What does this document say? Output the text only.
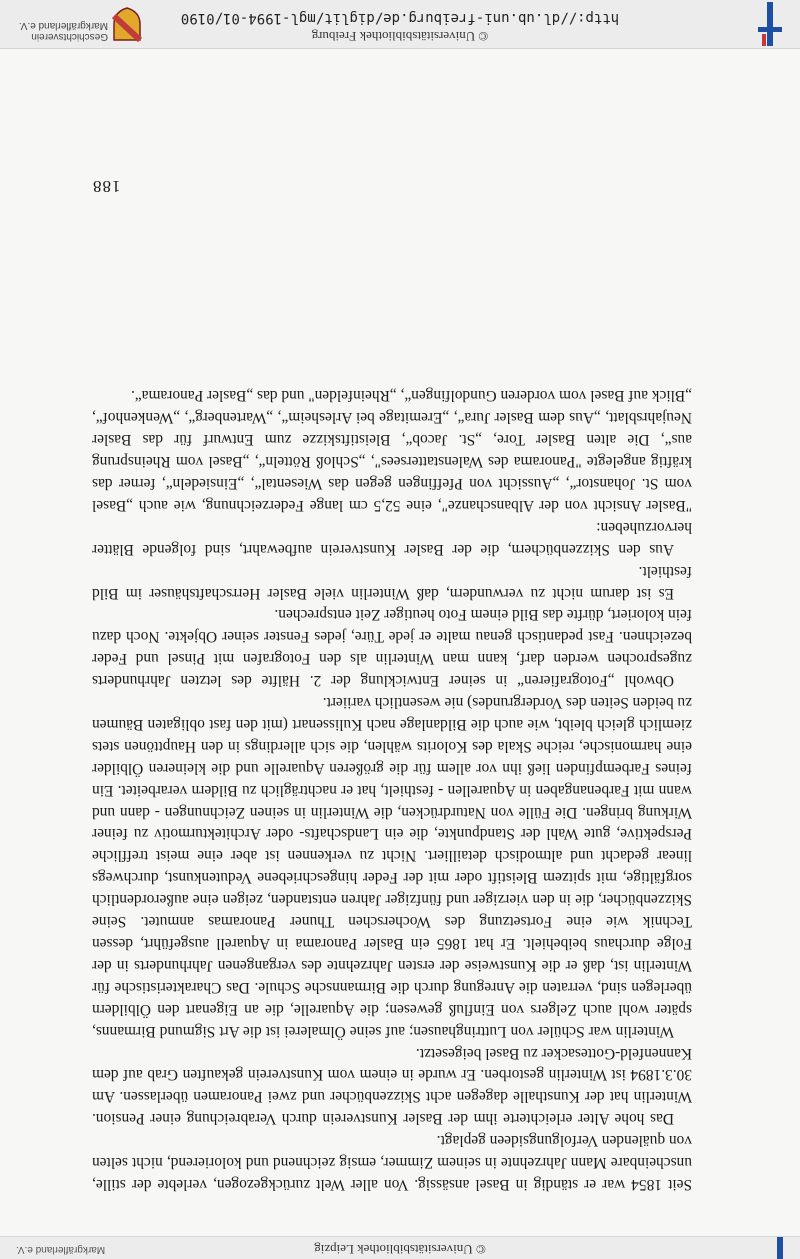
© Universitätsbibliothek Leipzig
Markgräflerland e.V.

Seit 1854 war er ständig in Basel ansässig. Von aller Welt zurückgezogen, verlebte der stille, unscheinbare Mann Jahrzehnte in seinem Zimmer, emsig zeichnend und kolorierend, nicht selten von quälenden Verfolgungsideen geplagt.

Das hohe Alter erleichterte ihm der Basler Kunstverein durch Verabreichung einer Pension. Winterlin hat der Kunsthalle dagegen acht Skizzenbücher und zwei Panoramen überlassen. Am 30.3.1894 ist Winterlin gestorben. Er wurde in einem vom Kunstverein gekauften Grab auf dem Kannenfeld-Gottesacker zu Basel beigesetzt.

Winterlin war Schüler von Luttringhausen; auf seine Ölmalerei ist die Art Sigmund Birmanns, später wohl auch Zelgers von Einfluß gewesen; die Aquarelle, die an Eigenart den Ölbildern überlegen sind, verraten die Anregung durch die Birmannsche Schule. Das Charakteristische für Winterlin ist, daß er die Kunstweise der ersten Jahrzehnte des vergangenen Jahrhunderts in der Folge durchaus beibehielt. Er hat 1865 ein Basler Panorama in Aquarell ausgeführt, dessen Technik wie eine Fortsetzung des Wocherschen Thuner Panoramas anmutet. Seine Skizzenbücher, die in den vierziger und fünfziger Jahren entstanden, zeigen eine außerordentlich sorgfältige, mit spitzem Bleistift oder mit der Feder hingeschriebene Vedutenkunst, durchwegs linear gedacht und altmodisch detailliert. Nicht zu verkennen ist aber eine meist treffliche Perspektive, gute Wahl der Standpunkte, die ein Landschafts- oder Architekturmotiv zu feiner Wirkung bringen. Die Fülle von Naturdrücken, die Winterlin in seinen Zeichnungen - dann und wann mit Farbenangaben in Aquarellen - festhielt, hat er nachträglich zu Bildern verarbeitet. Ein feines Farbempfinden ließ ihn vor allem für die größeren Aquarelle und die kleineren Ölbilder eine harmonische, reiche Skala des Kolorits wählen, die sich allerdings in den Haupttönen stets ziemlich gleich bleibt, wie auch die Bildanlage nach Kulissenart (mit den fast obligaten Bäumen zu beiden Seiten des Vordergrundes) nie wesentlich variiert.

Obwohl „Fotografieren“ in seiner Entwicklung der 2. Hälfte des letzten Jahrhunderts zugesprochen werden darf, kann man Winterlin als den Fotografen mit Pinsel und Feder bezeichnen. Fast pedantisch genau malte er jede Türe, jedes Fenster seiner Objekte. Noch dazu fein koloriert, dürfte das Bild einem Foto heutiger Zeit entsprechen.

Es ist darum nicht zu verwundern, daß Winterlin viele Basler Herrschaftshäuser im Bild festhielt.

Aus den Skizzenbüchern, die der Basler Kunstverein aufbewahrt, sind folgende Blätter hervorzuheben:

"Basler Ansicht von der Albanschanze", eine 52,5 cm lange Federzeichnung, wie auch „Basel vom St. Johanstor“, „Aussicht von Pfeffingen gegen das Wiesental“, „Einsiedeln“, ferner das kräftig angelegte "Panorama des Walenstattersees", „Schloß Rötteln“, „Basel vom Rheinsprung aus“, Die alten Basler Tore, „St. Jacob“, Bleistiftskizze zum Entwurf für das Basler Neujahrsblatt, „Aus dem Basler Jura“, „Eremitage bei Arlesheim“, „Wartenberg“, „Wenkenhof“, „Blick auf Basel vom vorderen Gundolfingen“, „Rheinfelden" und das „Basler Panorama“.

188
© Universitätsbibliothek Freiburg
http://dl.ub.uni-freiburg.de/diglit/mgl-1994-01/0190
Geschichtsverein
Markgräflerland e.V.
